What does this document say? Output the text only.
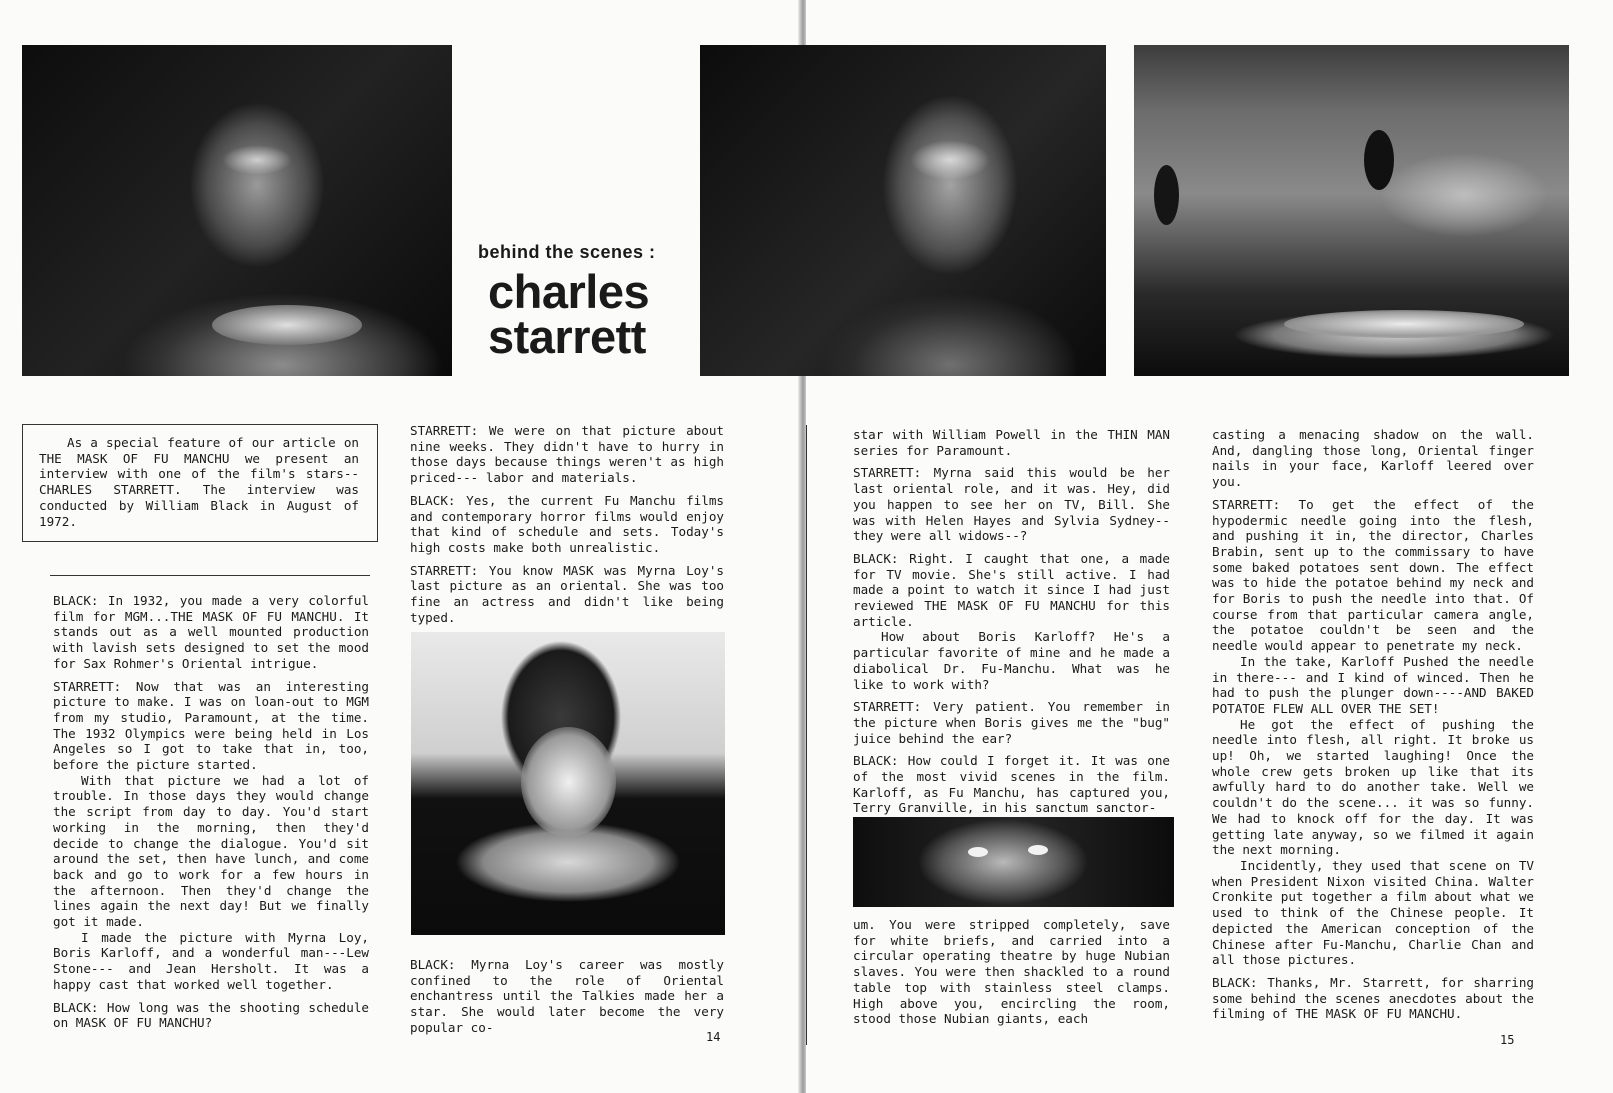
behind the scenes :
charles
starrett
As a special feature of our article on THE MASK OF FU MANCHU we present an interview with one of the film's stars--CHARLES STARRETT. The interview was conducted by William Black in August of 1972.

BLACK: In 1932, you made a very colorful film for MGM...THE MASK OF FU MANCHU. It stands out as a well mounted production with lavish sets designed to set the mood for Sax Rohmer's Oriental intrigue.

STARRETT: Now that was an interesting picture to make. I was on loan-out to MGM from my studio, Paramount, at the time. The 1932 Olympics were being held in Los Angeles so I got to take that in, too, before the picture started.

With that picture we had a lot of trouble. In those days they would change the script from day to day. You'd start working in the morning, then they'd decide to change the dialogue. You'd sit around the set, then have lunch, and come back and go to work for a few hours in the afternoon. Then they'd change the lines again the next day! But we finally got it made.

I made the picture with Myrna Loy, Boris Karloff, and a wonderful man---Lew Stone--- and Jean Hersholt. It was a happy cast that worked well together.

BLACK: How long was the shooting schedule on MASK OF FU MANCHU?

STARRETT: We were on that picture about nine weeks. They didn't have to hurry in those days because things weren't as high priced--- labor and materials.

BLACK: Yes, the current Fu Manchu films and contemporary horror films would enjoy that kind of schedule and sets. Today's high costs make both unrealistic.

STARRETT: You know MASK was Myrna Loy's last picture as an oriental. She was too fine an actress and didn't like being typed.

BLACK: Myrna Loy's career was mostly confined to the role of Oriental enchantress until the Talkies made her a star. She would later become the very popular co-

14

star with William Powell in the THIN MAN series for Paramount.

STARRETT: Myrna said this would be her last oriental role, and it was. Hey, did you happen to see her on TV, Bill. She was with Helen Hayes and Sylvia Sydney--they were all widows--?

BLACK: Right. I caught that one, a made for TV movie. She's still active. I had made a point to watch it since I had just reviewed THE MASK OF FU MANCHU for this article.

How about Boris Karloff? He's a particular favorite of mine and he made a diabolical Dr. Fu-Manchu. What was he like to work with?

STARRETT: Very patient. You remember in the picture when Boris gives me the "bug" juice behind the ear?

BLACK: How could I forget it. It was one of the most vivid scenes in the film. Karloff, as Fu Manchu, has captured you, Terry Granville, in his sanctum sanctor-

um. You were stripped completely, save for white briefs, and carried into a circular operating theatre by huge Nubian slaves. You were then shackled to a round table top with stainless steel clamps. High above you, encircling the room, stood those Nubian giants, each

casting a menacing shadow on the wall. And, dangling those long, Oriental finger nails in your face, Karloff leered over you.

STARRETT: To get the effect of the hypodermic needle going into the flesh, and pushing it in, the director, Charles Brabin, sent up to the commissary to have some baked potatoes sent down. The effect was to hide the potatoe behind my neck and for Boris to push the needle into that. Of course from that particular camera angle, the potatoe couldn't be seen and the needle would appear to penetrate my neck.

In the take, Karloff Pushed the needle in there--- and I kind of winced. Then he had to push the plunger down----AND BAKED POTATOE FLEW ALL OVER THE SET!

He got the effect of pushing the needle into flesh, all right. It broke us up! Oh, we started laughing! Once the whole crew gets broken up like that its awfully hard to do another take. Well we couldn't do the scene... it was so funny. We had to knock off for the day. It was getting late anyway, so we filmed it again the next morning.

Incidently, they used that scene on TV when President Nixon visited China. Walter Cronkite put together a film about what we used to think of the Chinese people. It depicted the American conception of the Chinese after Fu-Manchu, Charlie Chan and all those pictures.

BLACK: Thanks, Mr. Starrett, for sharring some behind the scenes anecdotes about the filming of THE MASK OF FU MANCHU.

15
